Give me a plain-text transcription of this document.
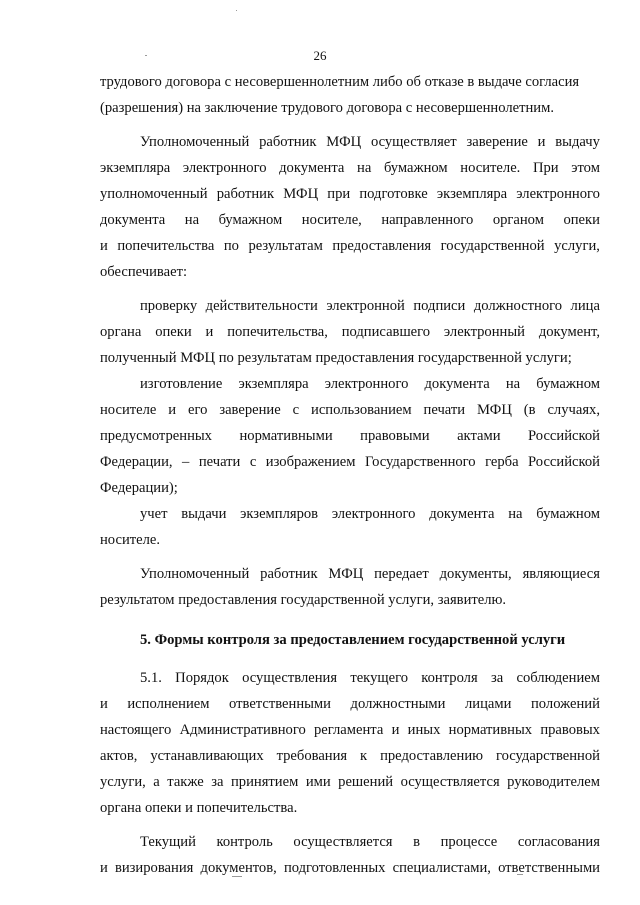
26
трудового договора с несовершеннолетним либо об отказе в выдаче согласия
(разрешения) на заключение трудового договора с несовершеннолетним.
Уполномоченный работник МФЦ осуществляет заверение и выдачу
экземпляра электронного документа на бумажном носителе. При этом
уполномоченный работник МФЦ при подготовке экземпляра электронного
документа на бумажном носителе, направленного органом опеки
и попечительства по результатам предоставления государственной услуги,
обеспечивает:
проверку действительности электронной подписи должностного лица
органа опеки и попечительства, подписавшего электронный документ,
полученный МФЦ по результатам предоставления государственной услуги;
изготовление экземпляра электронного документа на бумажном
носителе и его заверение с использованием печати МФЦ (в случаях,
предусмотренных нормативными правовыми актами Российской
Федерации, – печати с изображением Государственного герба Российской
Федерации);
учет выдачи экземпляров электронного документа на бумажном
носителе.
Уполномоченный работник МФЦ передает документы, являющиеся
результатом предоставления государственной услуги, заявителю.
5. Формы контроля за предоставлением государственной услуги
5.1. Порядок осуществления текущего контроля за соблюдением
и исполнением ответственными должностными лицами положений
настоящего Административного регламента и иных нормативных правовых
актов, устанавливающих требования к предоставлению государственной
услуги, а также за принятием ими решений осуществляется руководителем
органа опеки и попечительства.
Текущий контроль осуществляется в процессе согласования
и визирования документов, подготовленных специалистами, ответственными
